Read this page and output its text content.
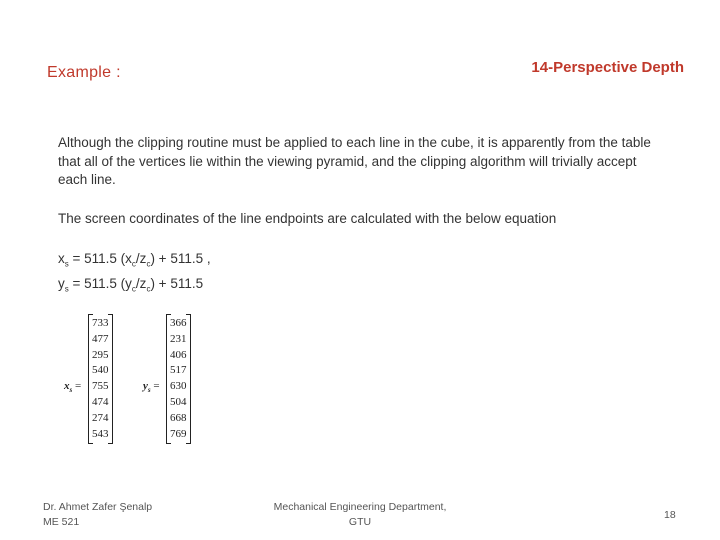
Example :	14-Perspective Depth

Although the clipping routine must be applied to each line in the cube, it is apparently from the table that all of the vertices lie within the viewing pyramid, and the clipping algorithm will trivially accept each line.

The screen coordinates of the line endpoints are calculated with the below equation

$x_s = 511.5$ $(x_c/z_c) + 511.5$ ,
$y_s = 511.5$ $(y_c/z_c) + 511.5$
$x_s$ =
733
477
295
540
755
474
274
543
$y_s$ =
366
231
406
517
630
504
668
769
Dr. Ahmet Zafer Şenalp
ME 521
Mechanical Engineering Department,
GTU
18
